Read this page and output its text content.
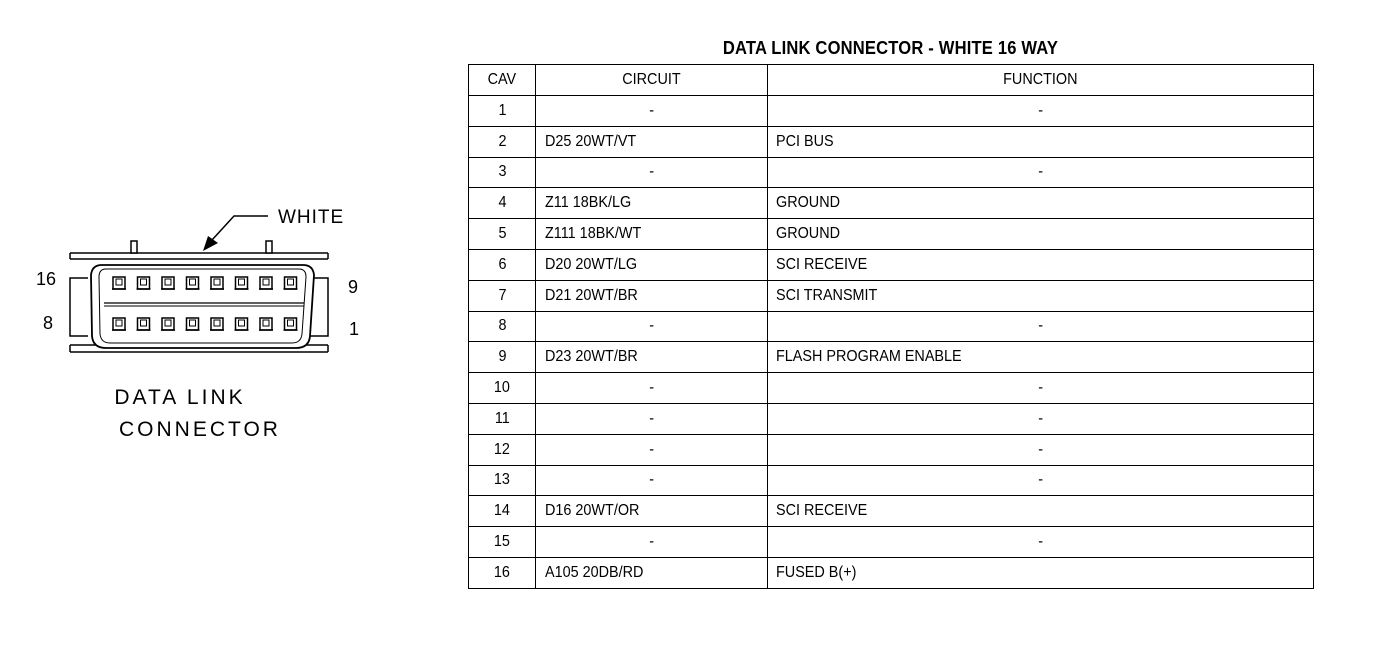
WHITE
16	9
8	1
DATA LINK
CONNECTOR
DATA LINK CONNECTOR - WHITE 16 WAY
CAV	CIRCUIT	FUNCTION
1	-	-
2	D25 20WT/VT	PCI BUS
3	-	-
4	Z11 18BK/LG	GROUND
5	Z111 18BK/WT	GROUND
6	D20 20WT/LG	SCI RECEIVE
7	D21 20WT/BR	SCI TRANSMIT
8	-	-
9	D23 20WT/BR	FLASH PROGRAM ENABLE
10	-	-
11	-	-
12	-	-
13	-	-
14	D16 20WT/OR	SCI RECEIVE
15	-	-
16	A105 20DB/RD	FUSED B(+)
